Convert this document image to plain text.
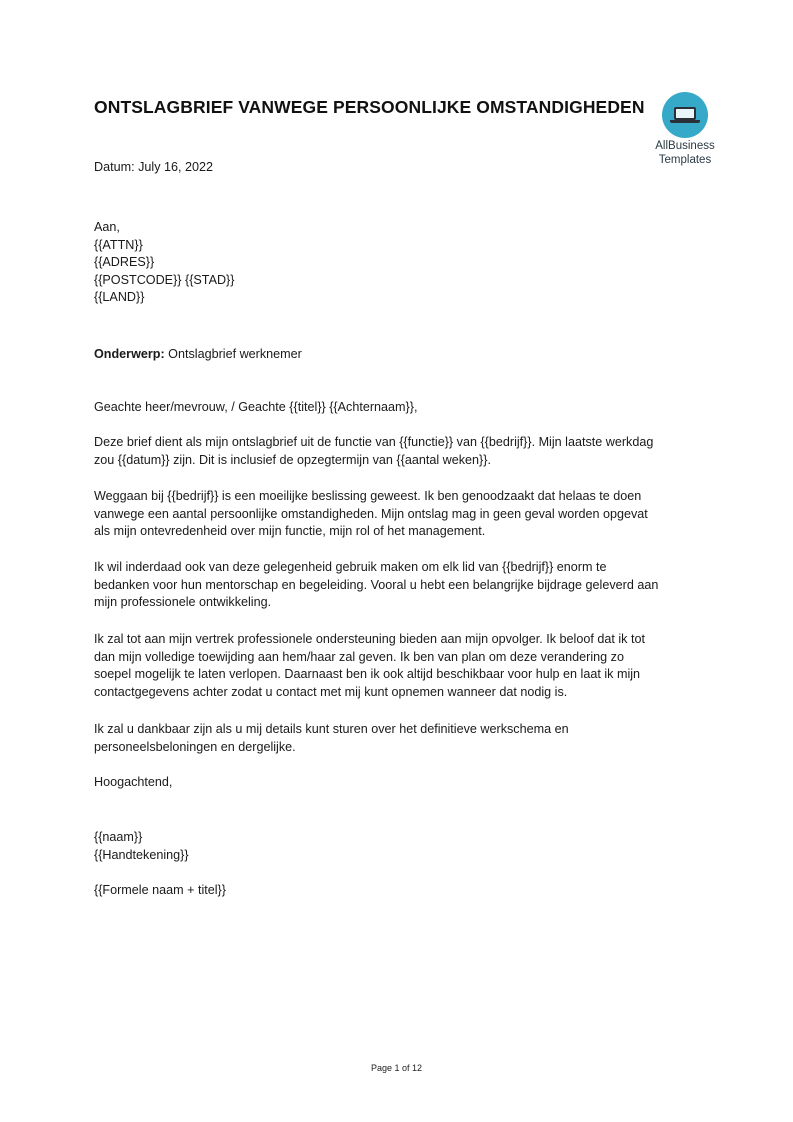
ONTSLAGBRIEF VANWEGE PERSOONLIJKE OMSTANDIGHEDEN
AllBusiness
Templates
Datum: July 16, 2022
Aan,
{{ATTN}}
{{ADRES}}
{{POSTCODE}} {{STAD}}
{{LAND}}
Onderwerp: Ontslagbrief werknemer
Geachte heer/mevrouw, / Geachte {{titel}} {{Achternaam}},
Deze brief dient als mijn ontslagbrief uit de functie van {{functie}} van {{bedrijf}}. Mijn laatste werkdag
zou {{datum}} zijn. Dit is inclusief de opzegtermijn van {{aantal weken}}.
Weggaan bij {{bedrijf}} is een moeilijke beslissing geweest. Ik ben genoodzaakt dat helaas te doen
vanwege een aantal persoonlijke omstandigheden. Mijn ontslag mag in geen geval worden opgevat
als mijn ontevredenheid over mijn functie, mijn rol of het management.
Ik wil inderdaad ook van deze gelegenheid gebruik maken om elk lid van {{bedrijf}} enorm te
bedanken voor hun mentorschap en begeleiding. Vooral u hebt een belangrijke bijdrage geleverd aan
mijn professionele ontwikkeling.
Ik zal tot aan mijn vertrek professionele ondersteuning bieden aan mijn opvolger. Ik beloof dat ik tot
dan mijn volledige toewijding aan hem/haar zal geven. Ik ben van plan om deze verandering zo
soepel mogelijk te laten verlopen. Daarnaast ben ik ook altijd beschikbaar voor hulp en laat ik mijn
contactgegevens achter zodat u contact met mij kunt opnemen wanneer dat nodig is.
Ik zal u dankbaar zijn als u mij details kunt sturen over het definitieve werkschema en
personeelsbeloningen en dergelijke.
Hoogachtend,
{{naam}}
{{Handtekening}}
{{Formele naam + titel}}
Page 1 of 12
